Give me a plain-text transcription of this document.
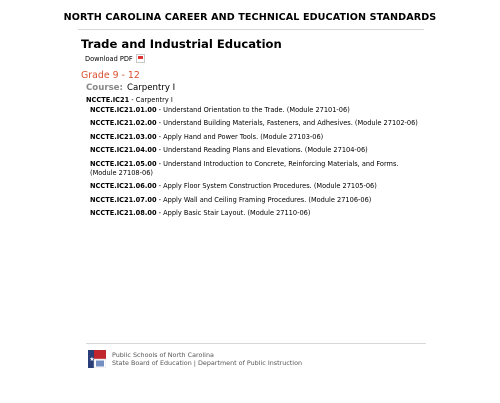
NORTH CAROLINA CAREER AND TECHNICAL EDUCATION STANDARDS
Trade and Industrial Education
Download PDF
Grade 9 - 12
Course: Carpentry I
NCCTE.IC21 - Carpentry I
NCCTE.IC21.01.00 - Understand Orientation to the Trade. (Module 27101-06)
NCCTE.IC21.02.00 - Understand Building Materials, Fasteners, and Adhesives. (Module 27102-06)
NCCTE.IC21.03.00 - Apply Hand and Power Tools. (Module 27103-06)
NCCTE.IC21.04.00 - Understand Reading Plans and Elevations. (Module 27104-06)
NCCTE.IC21.05.00 - Understand Introduction to Concrete, Reinforcing Materials, and Forms. (Module 27108-06)
NCCTE.IC21.06.00 - Apply Floor System Construction Procedures. (Module 27105-06)
NCCTE.IC21.07.00 - Apply Wall and Ceiling Framing Procedures. (Module 27106-06)
NCCTE.IC21.08.00 - Apply Basic Stair Layout. (Module 27110-06)
★
Public Schools of North Carolina
State Board of Education | Department of Public Instruction
